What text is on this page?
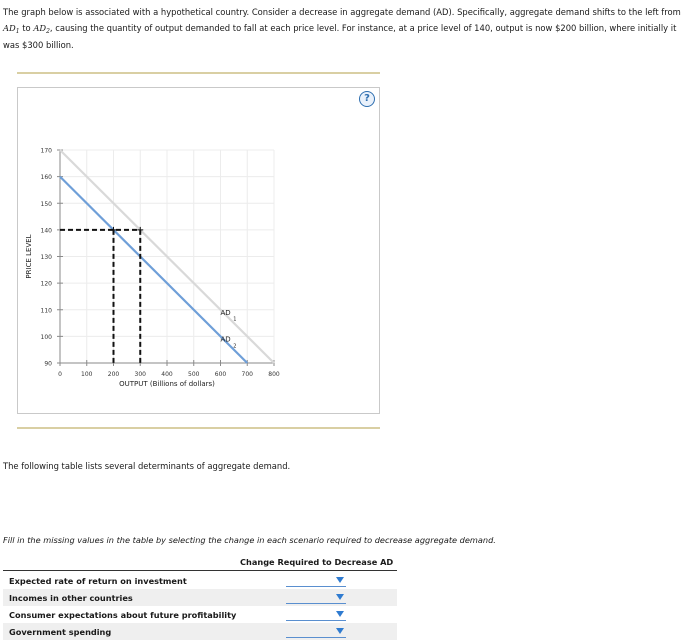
The graph below is associated with a hypothetical country. Consider a decrease in aggregate demand (AD). Specifically, aggregate demand shifts to the left from $AD_1$ to $AD_2$, causing the quantity of output demanded to fall at each price level. For instance, at a price level of 140, output is now $200 billion, where initially it was $300 billion.
?
90
100
110
120
130
140
150
160
170
0	100	200	300	400	500	600	700	800
OUTPUT (Billions of dollars)
PRICE LEVEL
AD
1
AD
2
The following table lists several determinants of aggregate demand.
Fill in the missing values in the table by selecting the change in each scenario required to decrease aggregate demand.
Change Required to Decrease AD
Expected rate of return on investment
Incomes in other countries
Consumer expectations about future profitability
Government spending
